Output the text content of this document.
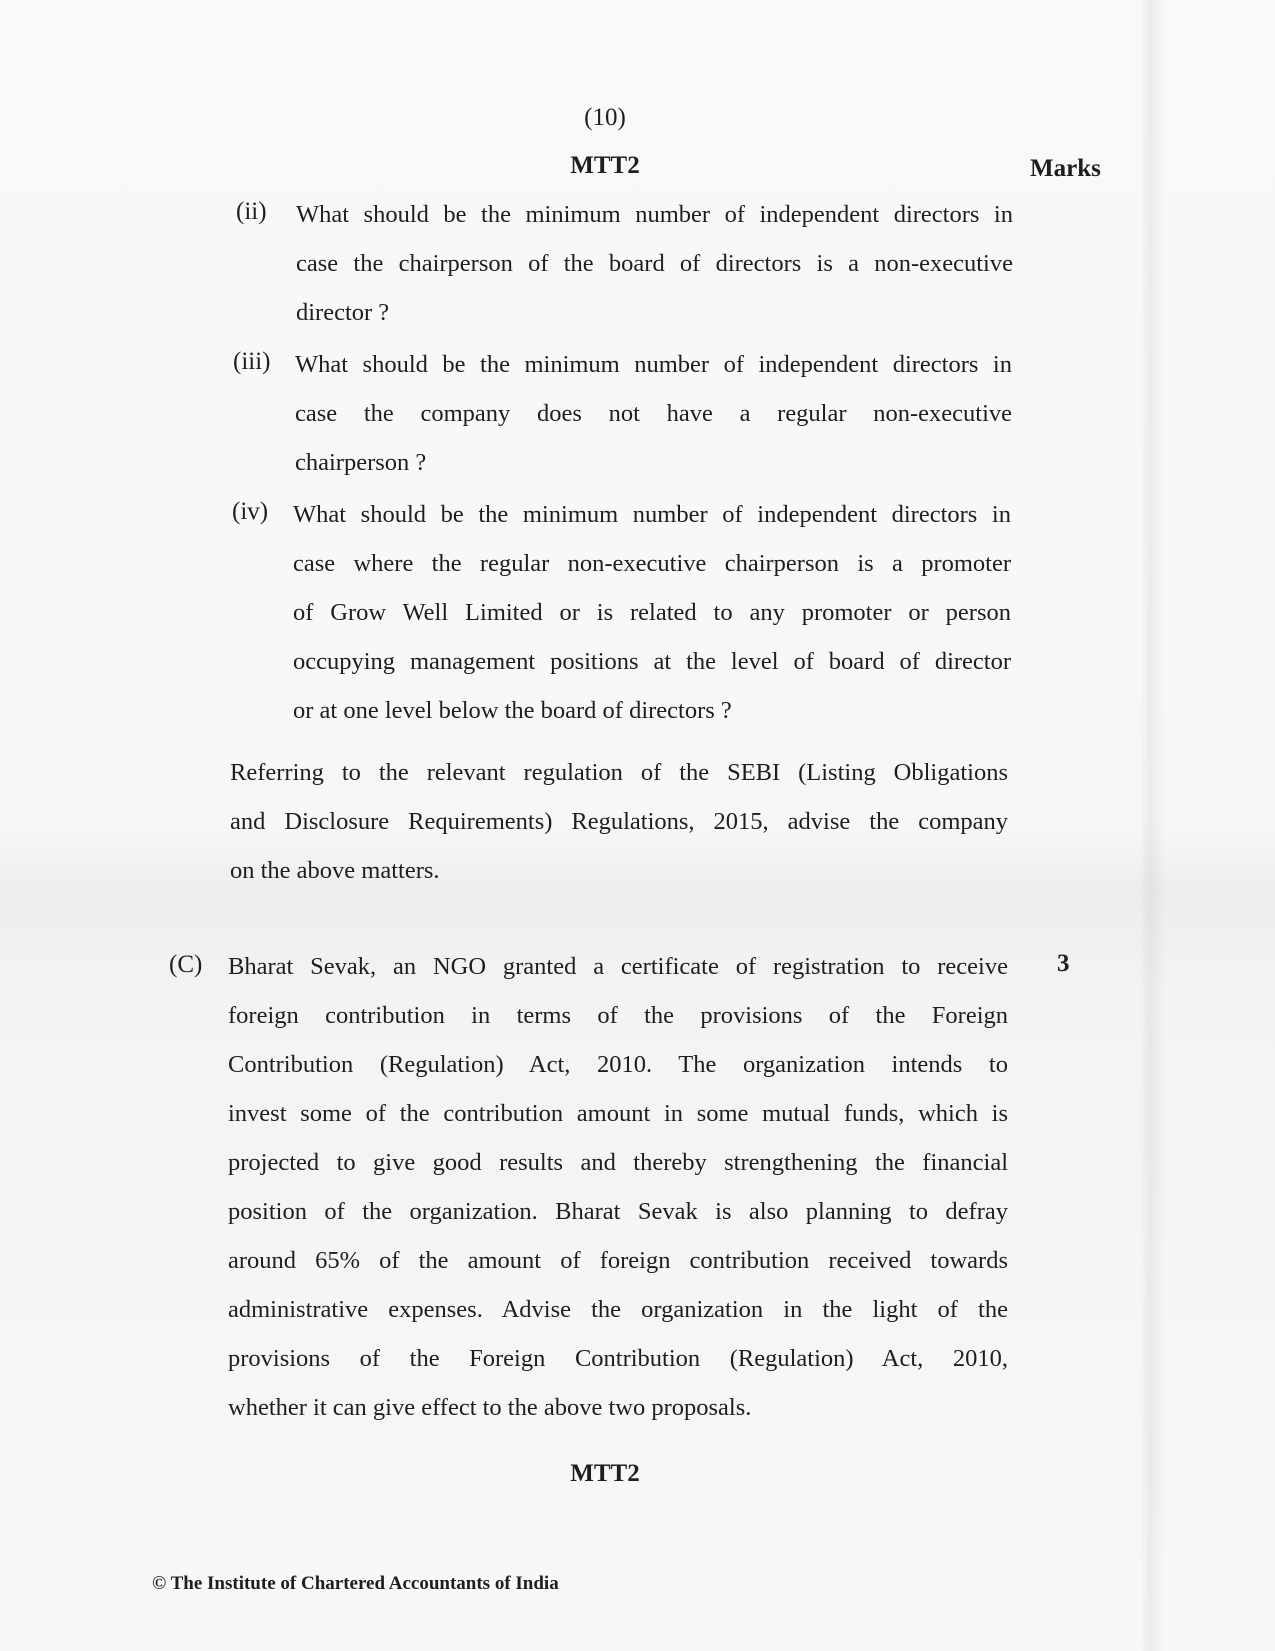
(10)
MTT2	Marks
(ii) What should be the minimum number of independent directors in
case the chairperson of the board of directors is a non-executive
director ?
(iii) What should be the minimum number of independent directors in
case the company does not have a regular non-executive
chairperson ?
(iv) What should be the minimum number of independent directors in
case where the regular non-executive chairperson is a promoter
of Grow Well Limited or is related to any promoter or person
occupying management positions at the level of board of director
or at one level below the board of directors ?
Referring to the relevant regulation of the SEBI (Listing Obligations
and Disclosure Requirements) Regulations, 2015, advise the company
on the above matters.
(C)	3
Bharat Sevak, an NGO granted a certificate of registration to receive
foreign contribution in terms of the provisions of the Foreign
Contribution (Regulation) Act, 2010. The organization intends to
invest some of the contribution amount in some mutual funds, which is
projected to give good results and thereby strengthening the financial
position of the organization. Bharat Sevak is also planning to defray
around 65% of the amount of foreign contribution received towards
administrative expenses. Advise the organization in the light of the
provisions of the Foreign Contribution (Regulation) Act, 2010,
whether it can give effect to the above two proposals.
MTT2
© The Institute of Chartered Accountants of India
